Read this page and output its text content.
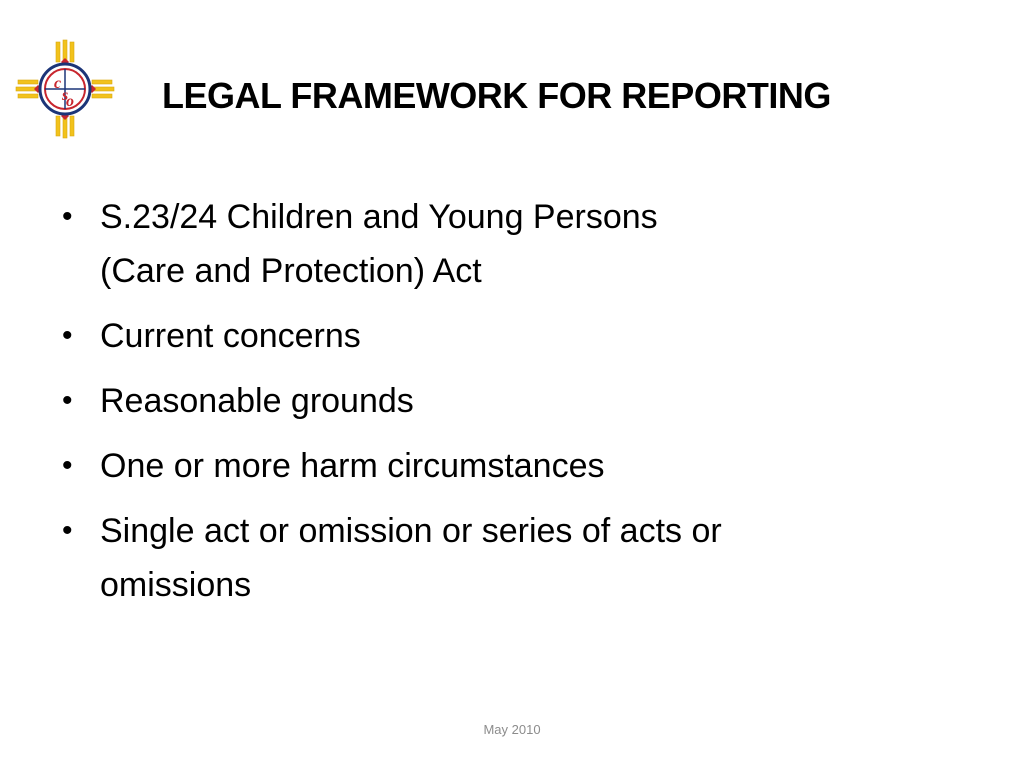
c
s
o LEGAL FRAMEWORK FOR REPORTING
• S.23/24 Children and Young Persons
(Care and Protection) Act
• Current concerns
• Reasonable grounds
• One or more harm circumstances
• Single act or omission or series of acts or
omissions
May 2010
